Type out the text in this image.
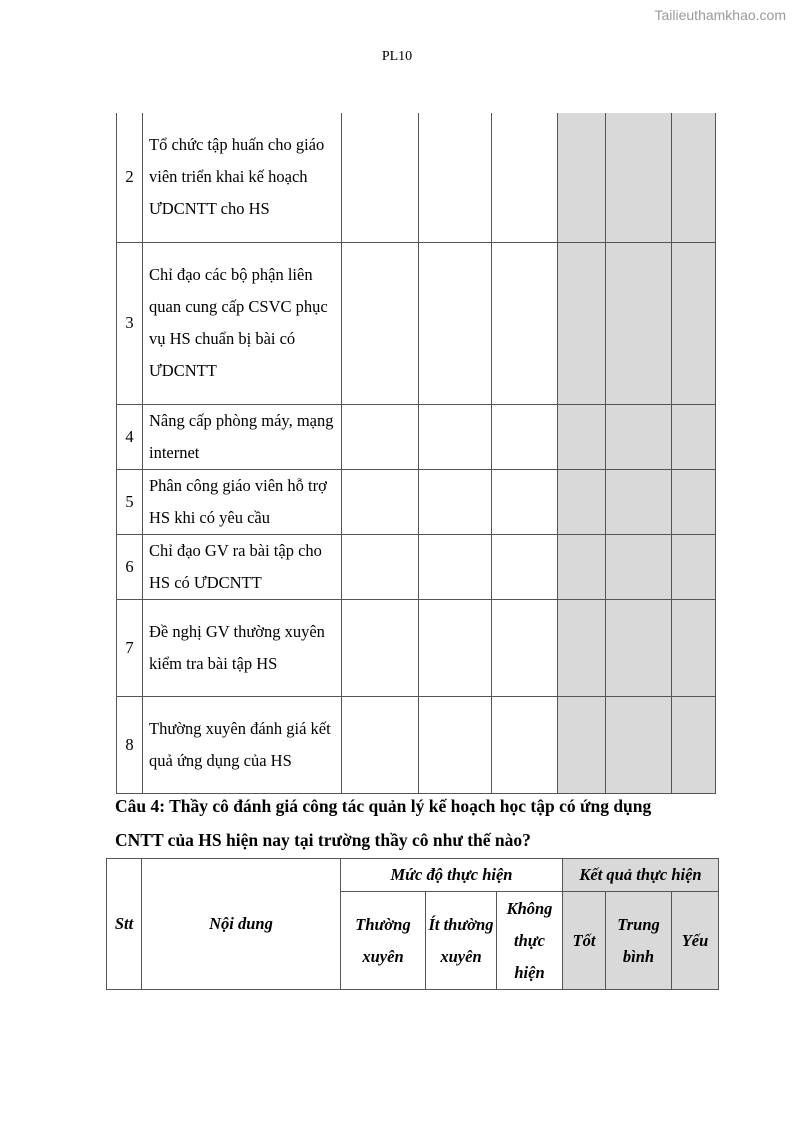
Tailieuthamkhao.com
PL10
2	Tổ chức tập huấn cho giáo viên triển khai kế hoạch ƯDCNTT cho HS						
3	Chỉ đạo các bộ phận liên quan cung cấp CSVC phục vụ HS chuẩn bị bài có ƯDCNTT						
4	Nâng cấp phòng máy, mạng internet						
5	Phân công giáo viên hỗ trợ HS khi có yêu cầu						
6	Chỉ đạo GV ra bài tập cho HS có ƯDCNTT						
7	Đề nghị GV thường xuyên kiểm tra bài tập HS						
8	Thường xuyên đánh giá kết quả ứng dụng của HS						
Câu 4: Thầy cô đánh giá công tác quản lý kế hoạch học tập có ứng dụng
CNTT của HS hiện nay tại trường thầy cô như thế nào?
Stt	Nội dung	Mức độ thực hiện			Kết quả thực hiện		
		Thường xuyên	Ít thường xuyên	Không thực hiện	Tốt	Trung bình	Yếu
